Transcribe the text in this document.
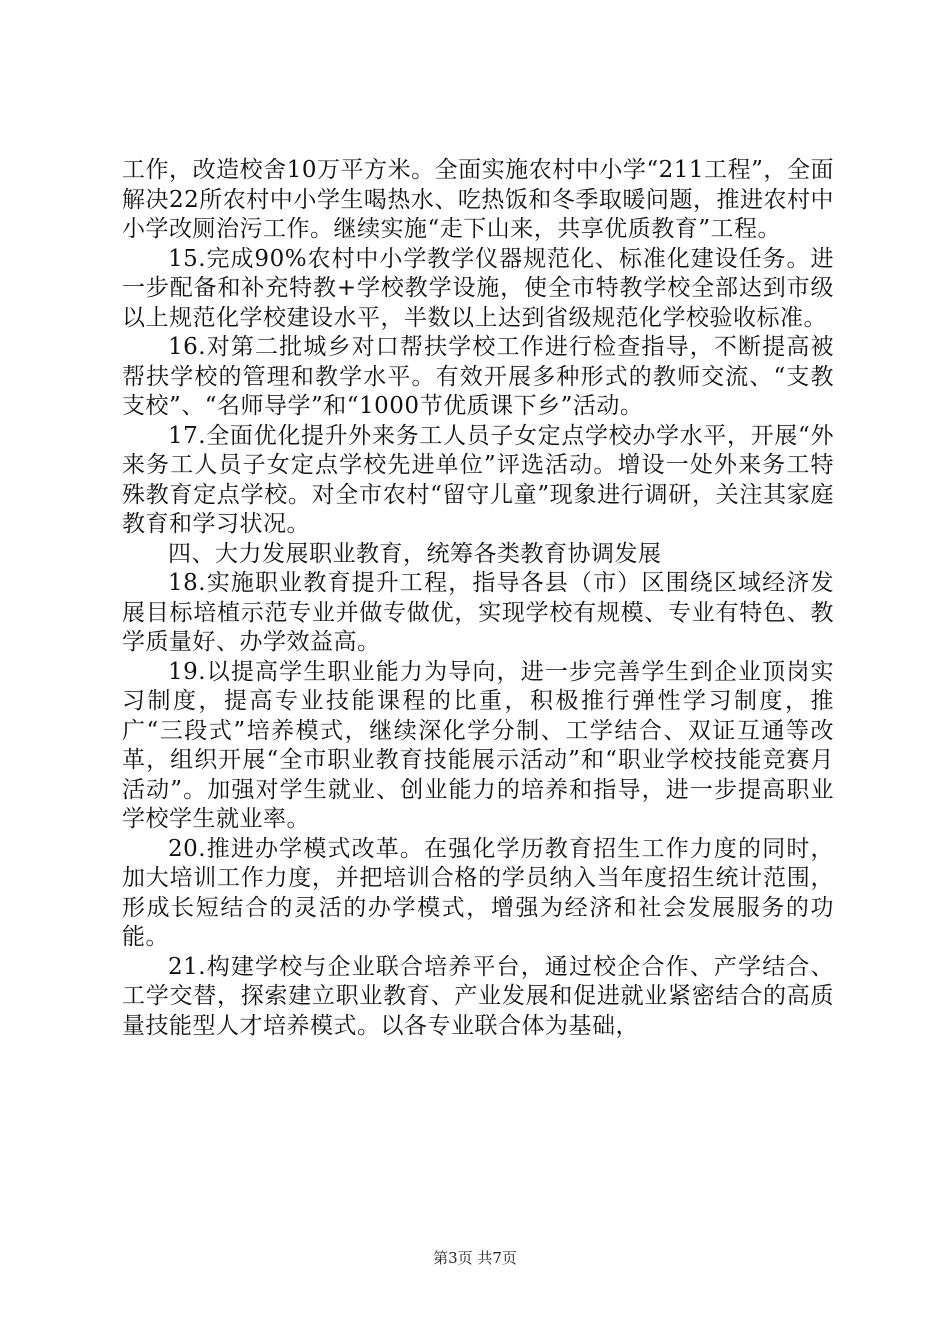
工作，改造校舍10万平方米。全面实施农村中小学“211工程”，全面解决22所农村中小学生喝热水、吃热饭和冬季取暖问题，推进农村中小学改厕治污工作。继续实施“走下山来，共享优质教育”工程。

15.完成90%农村中小学教学仪器规范化、标准化建设任务。进一步配备和补充特教+学校教学设施，使全市特教学校全部达到市级以上规范化学校建设水平，半数以上达到省级规范化学校验收标准。

16.对第二批城乡对口帮扶学校工作进行检查指导，不断提高被帮扶学校的管理和教学水平。有效开展多种形式的教师交流、“支教支校”、“名师导学”和“1000节优质课下乡”活动。

17.全面优化提升外来务工人员子女定点学校办学水平，开展“外来务工人员子女定点学校先进单位”评选活动。增设一处外来务工特殊教育定点学校。对全市农村“留守儿童”现象进行调研，关注其家庭教育和学习状况。

四、大力发展职业教育，统筹各类教育协调发展

18.实施职业教育提升工程，指导各县（市）区围绕区域经济发展目标培植示范专业并做专做优，实现学校有规模、专业有特色、教学质量好、办学效益高。

19.以提高学生职业能力为导向，进一步完善学生到企业顶岗实习制度，提高专业技能课程的比重，积极推行弹性学习制度，推广“三段式”培养模式，继续深化学分制、工学结合、双证互通等改革，组织开展“全市职业教育技能展示活动”和“职业学校技能竞赛月活动”。加强对学生就业、创业能力的培养和指导，进一步提高职业学校学生就业率。

20.推进办学模式改革。在强化学历教育招生工作力度的同时，加大培训工作力度，并把培训合格的学员纳入当年度招生统计范围，形成长短结合的灵活的办学模式，增强为经济和社会发展服务的功能。

21.构建学校与企业联合培养平台，通过校企合作、产学结合、工学交替，探索建立职业教育、产业发展和促进就业紧密结合的高质量技能型人才培养模式。以各专业联合体为基础，

第3页 共7页
